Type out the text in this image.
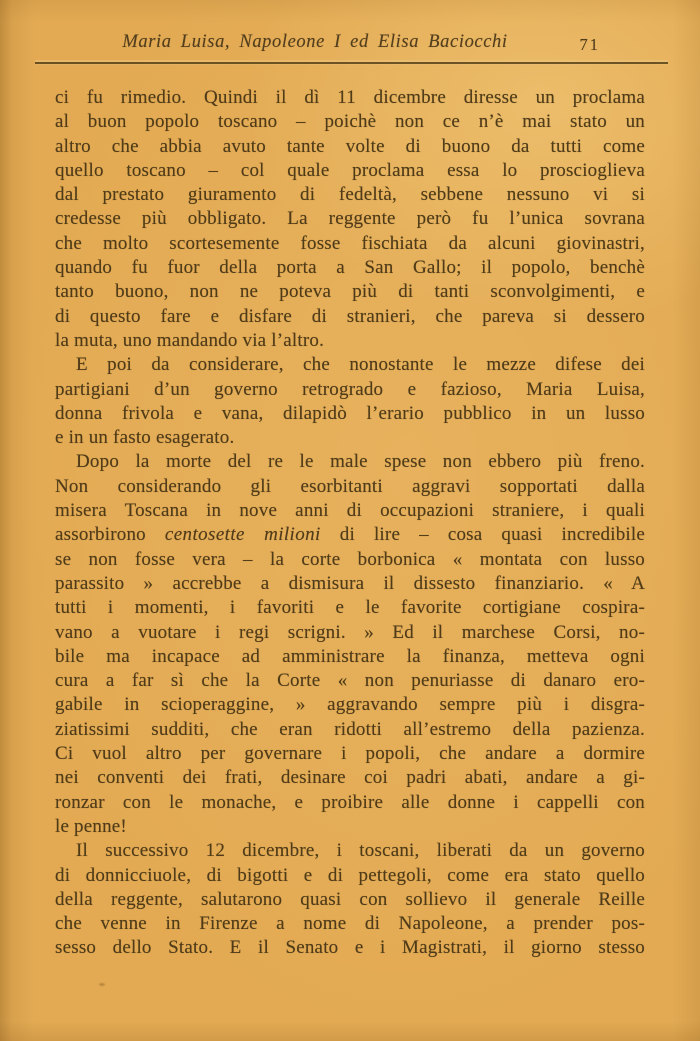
Maria Luisa, Napoleone I ed Elisa Baciocchi	71
ci fu rimedio. Quindi il dì 11 dicembre diresse un proclama
al buon popolo toscano – poichè non ce n’è mai stato un
altro che abbia avuto tante volte di buono da tutti come
quello toscano – col quale proclama essa lo proscioglieva
dal prestato giuramento di fedeltà, sebbene nessuno vi si
credesse più obbligato. La reggente però fu l’unica sovrana
che molto scortesemente fosse fischiata da alcuni giovinastri,
quando fu fuor della porta a San Gallo; il popolo, benchè
tanto buono, non ne poteva più di tanti sconvolgimenti, e
di questo fare e disfare di stranieri, che pareva si dessero
la muta, uno mandando via l’altro.
E poi da considerare, che nonostante le mezze difese dei
partigiani d’un governo retrogrado e fazioso, Maria Luisa,
donna frivola e vana, dilapidò l’erario pubblico in un lusso
e in un fasto esagerato.
Dopo la morte del re le male spese non ebbero più freno.
Non considerando gli esorbitanti aggravi sopportati dalla
misera Toscana in nove anni di occupazioni straniere, i quali
assorbirono centosette milioni di lire – cosa quasi incredibile
se non fosse vera – la corte borbonica « montata con lusso
parassito » accrebbe a dismisura il dissesto finanziario. « A
tutti i momenti, i favoriti e le favorite cortigiane cospira-
vano a vuotare i regi scrigni. » Ed il marchese Corsi, no-
bile ma incapace ad amministrare la finanza, metteva ogni
cura a far sì che la Corte « non penuriasse di danaro ero-
gabile in scioperaggine, » aggravando sempre più i disgra-
ziatissimi sudditi, che eran ridotti all’estremo della pazienza.
Ci vuol altro per governare i popoli, che andare a dormire
nei conventi dei frati, desinare coi padri abati, andare a gi-
ronzar con le monache, e proibire alle donne i cappelli con
le penne!
Il successivo 12 dicembre, i toscani, liberati da un governo
di donnicciuole, di bigotti e di pettegoli, come era stato quello
della reggente, salutarono quasi con sollievo il generale Reille
che venne in Firenze a nome di Napoleone, a prender pos-
sesso dello Stato. E il Senato e i Magistrati, il giorno stesso
